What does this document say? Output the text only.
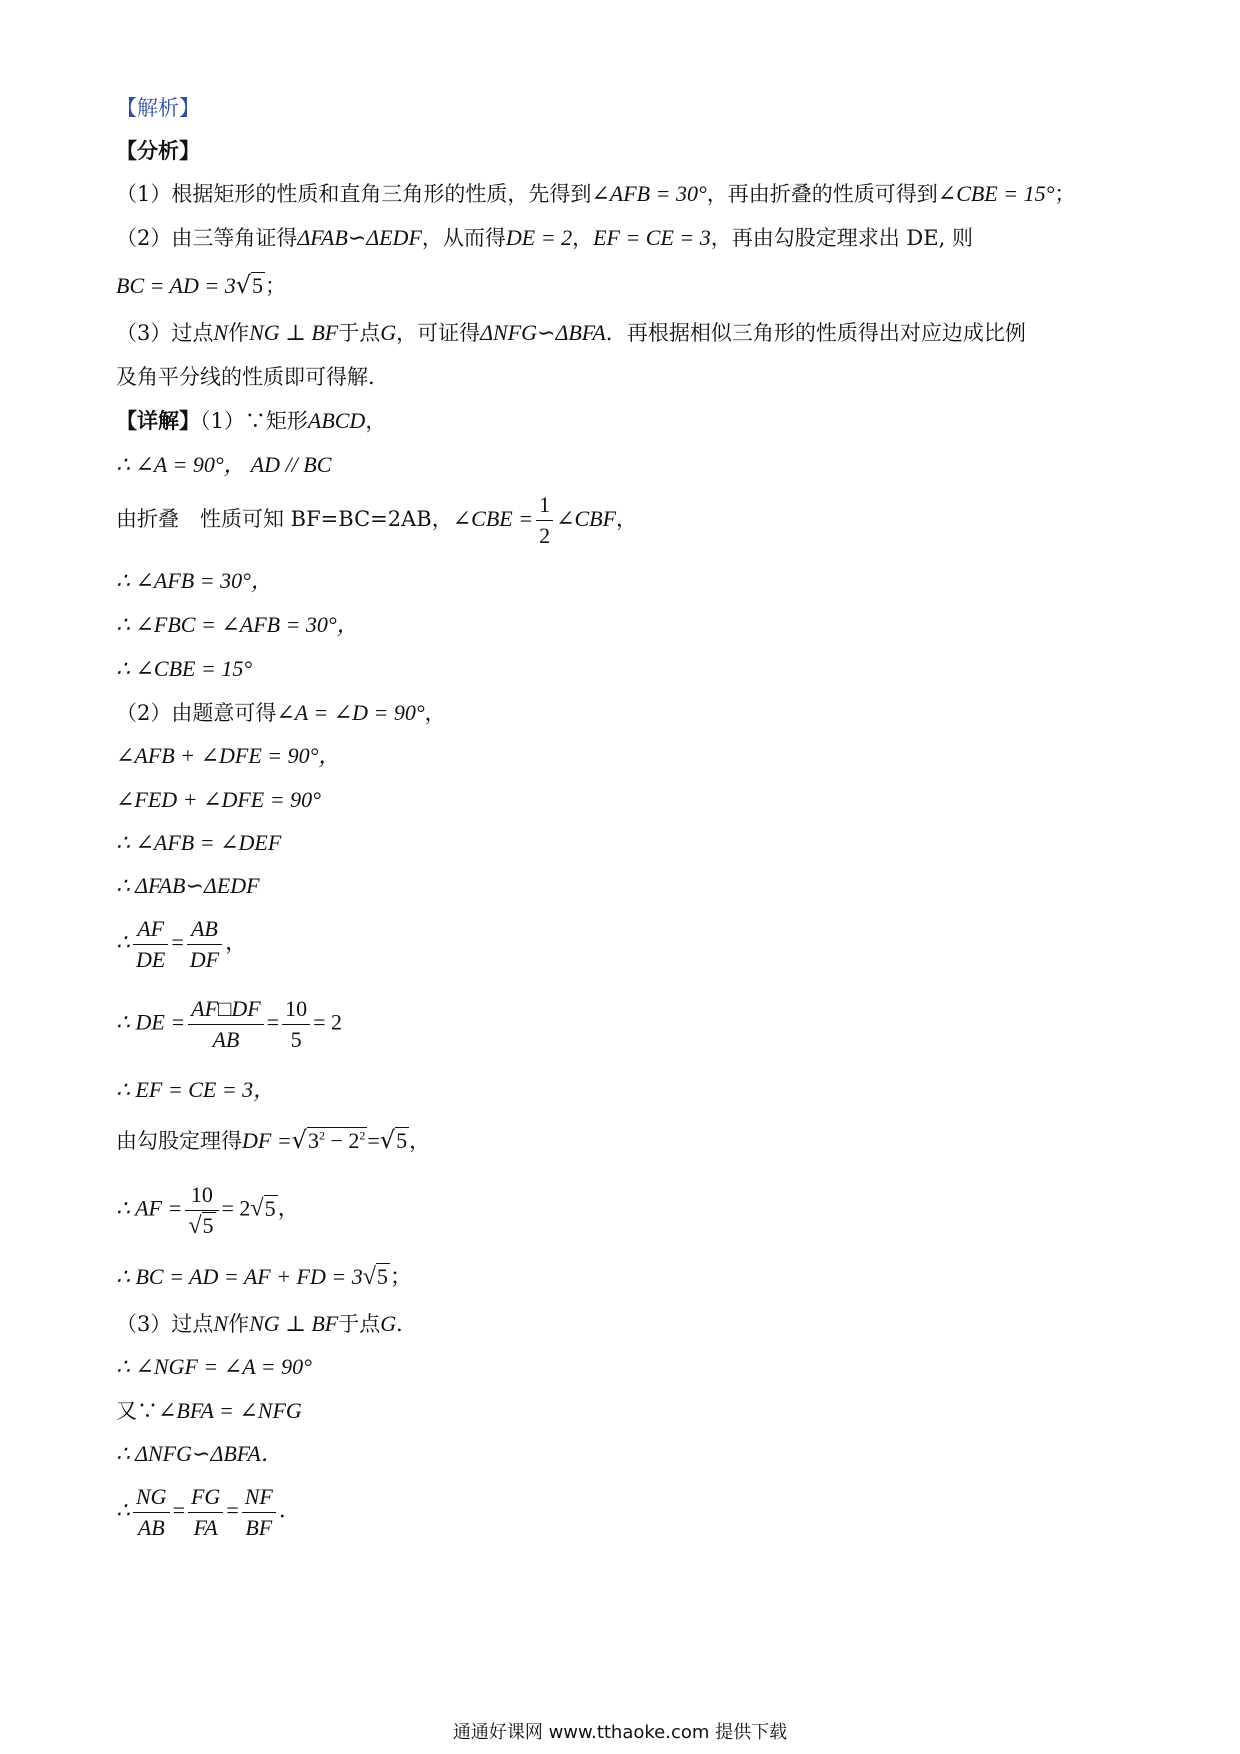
【解析】
【分析】
（1）根据矩形的性质和直角三角形的性质，先得到∠AFB = 30°，再由折叠的性质可得到∠CBE = 15°；
（2）由三等角证得ΔFAB∽ΔEDF，从而得DE = 2，EF = CE = 3，再由勾股定理求出 DE, 则
BC = AD = 3√5；
（3）过点N作NG ⊥ BF于点G，可证得ΔNFG∽ΔBFA．再根据相似三角形的性质得出对应边成比例
及角平分线的性质即可得解．
【详解】（1）∵矩形ABCD，
∴ ∠A = 90°， AD // BC
由折叠　性质可知 BF=BC=2AB，∠CBE = $\frac{1}{2}$ ∠CBF，
∴ ∠AFB = 30°，
∴ ∠FBC = ∠AFB = 30°，
∴ ∠CBE = 15°
（2）由题意可得∠A = ∠D = 90°，
∠AFB + ∠DFE = 90°，
∠FED + ∠DFE = 90°
∴ ∠AFB = ∠DEF
∴ ΔFAB∽ΔEDF
∴ $\frac{AF}{DE} = \frac{AB}{DF}$ ，
∴ DE = $\frac{AF□DF}{AB} = \frac{10}{5} = 2$
∴ EF = CE = 3，
由勾股定理得DF $=√3^2 - 2^2=√5$，
∴ AF = $\frac{10}{√5} = 2√5$，
∴ BC = AD = AF + FD = 3√5；
（3）过点N作NG ⊥ BF于点G．
∴ ∠NGF = ∠A = 90°
又∵∠BFA = ∠NFG
∴ ΔNFG∽ΔBFA．
∴ $\frac{NG}{AB} = \frac{FG}{FA} = \frac{NF}{BF}$ ．
通通好课网 www.tthaoke.com 提供下载
